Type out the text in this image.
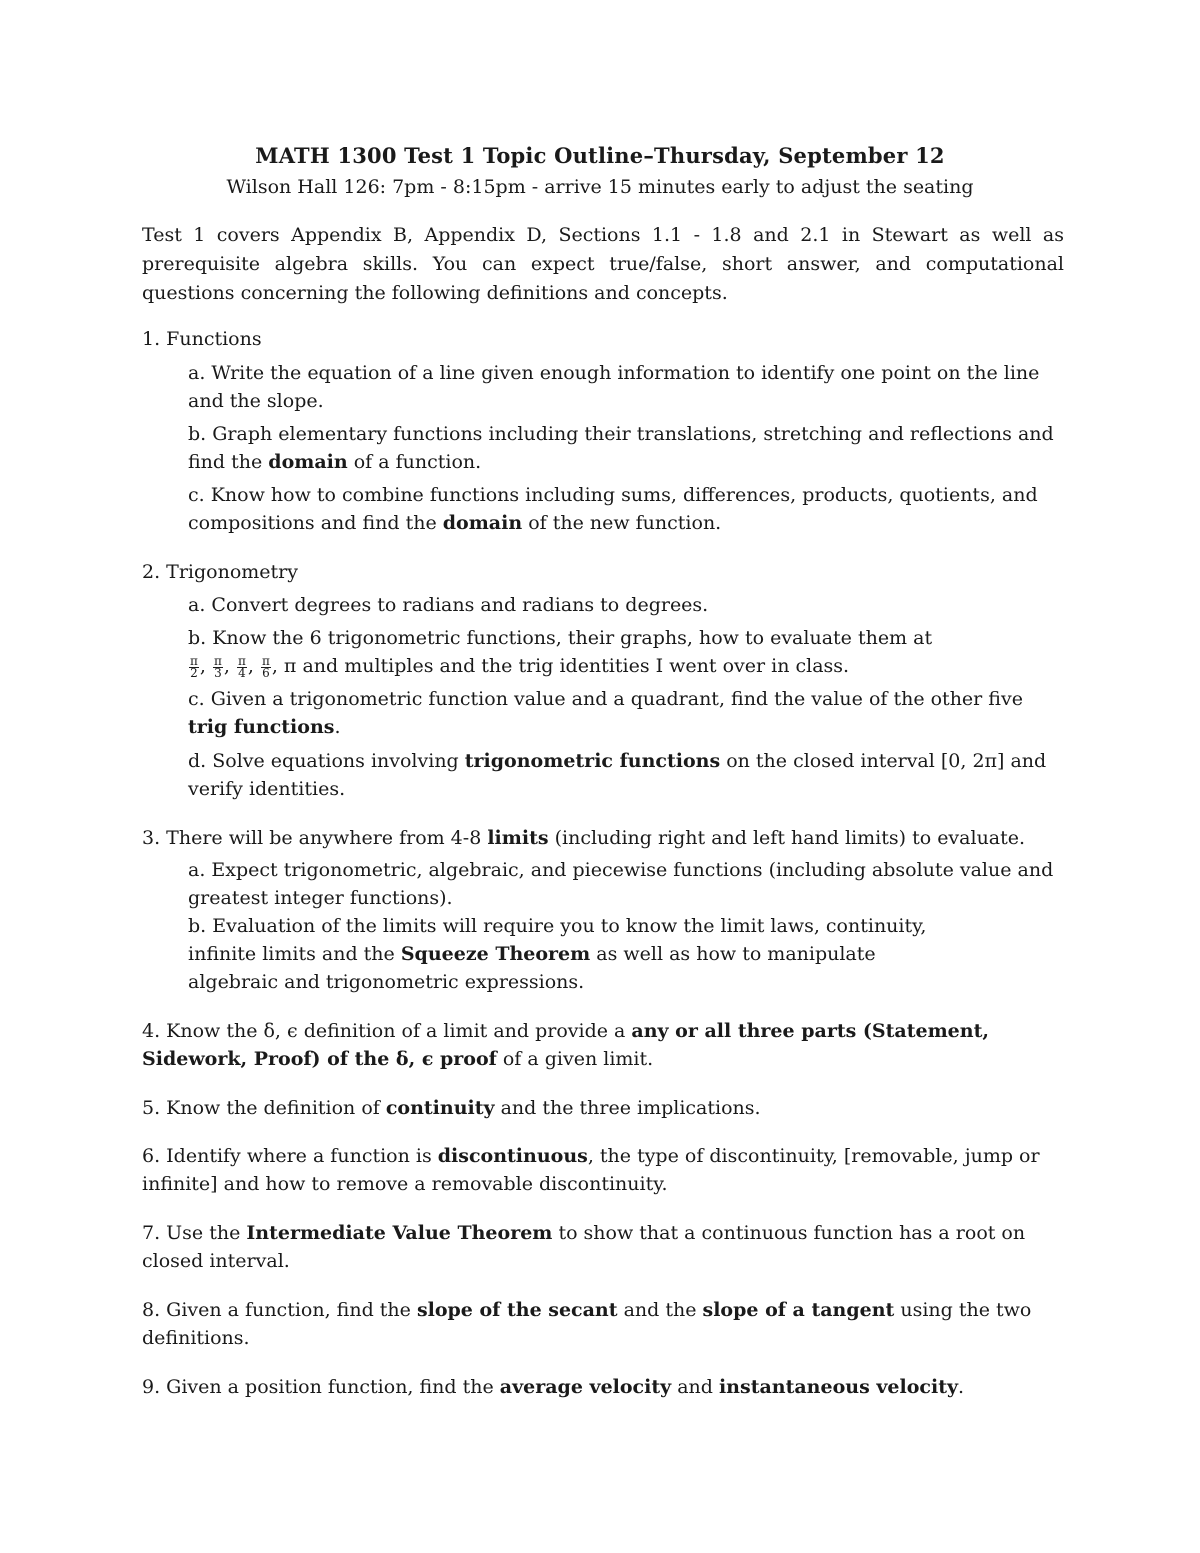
MATH 1300 Test 1 Topic Outline–Thursday, September 12

Wilson Hall 126: 7pm - 8:15pm - arrive 15 minutes early to adjust the seating

Test 1 covers Appendix B, Appendix D, Sections 1.1 - 1.8 and 2.1 in Stewart as well as prerequisite algebra skills. You can expect true/false, short answer, and computational questions concerning the following definitions and concepts.

1. Functions

a. Write the equation of a line given enough information to identify one point on the line and the slope.

b. Graph elementary functions including their translations, stretching and reflections and find the domain of a function.

c. Know how to combine functions including sums, differences, products, quotients, and compositions and find the domain of the new function.

2. Trigonometry

a. Convert degrees to radians and radians to degrees.

b. Know the 6 trigonometric functions, their graphs, how to evaluate them at

$\frac{\pi}{2}$ , $\frac{\pi}{3}$ , $\frac{\pi}{4}$ , $\frac{\pi}{6}$ , π and multiples and the trig identities I went over in class.

c. Given a trigonometric function value and a quadrant, find the value of the other five trig functions.

d. Solve equations involving trigonometric functions on the closed interval [0, 2π] and verify identities.

3. There will be anywhere from 4-8 limits (including right and left hand limits) to evaluate.

a. Expect trigonometric, algebraic, and piecewise functions (including absolute value and greatest integer functions).

b. Evaluation of the limits will require you to know the limit laws, continuity,
infinite limits and the Squeeze Theorem as well as how to manipulate
algebraic and trigonometric expressions.

4. Know the δ, ϵ definition of a limit and provide a any or all three parts (Statement, Sidework, Proof) of the δ, ϵ proof of a given limit.

5. Know the definition of continuity and the three implications.

6. Identify where a function is discontinuous, the type of discontinuity, [removable, jump or infinite] and how to remove a removable discontinuity.

7. Use the Intermediate Value Theorem to show that a continuous function has a root on closed interval.

8. Given a function, find the slope of the secant and the slope of a tangent using the two definitions.

9. Given a position function, find the average velocity and instantaneous velocity.
